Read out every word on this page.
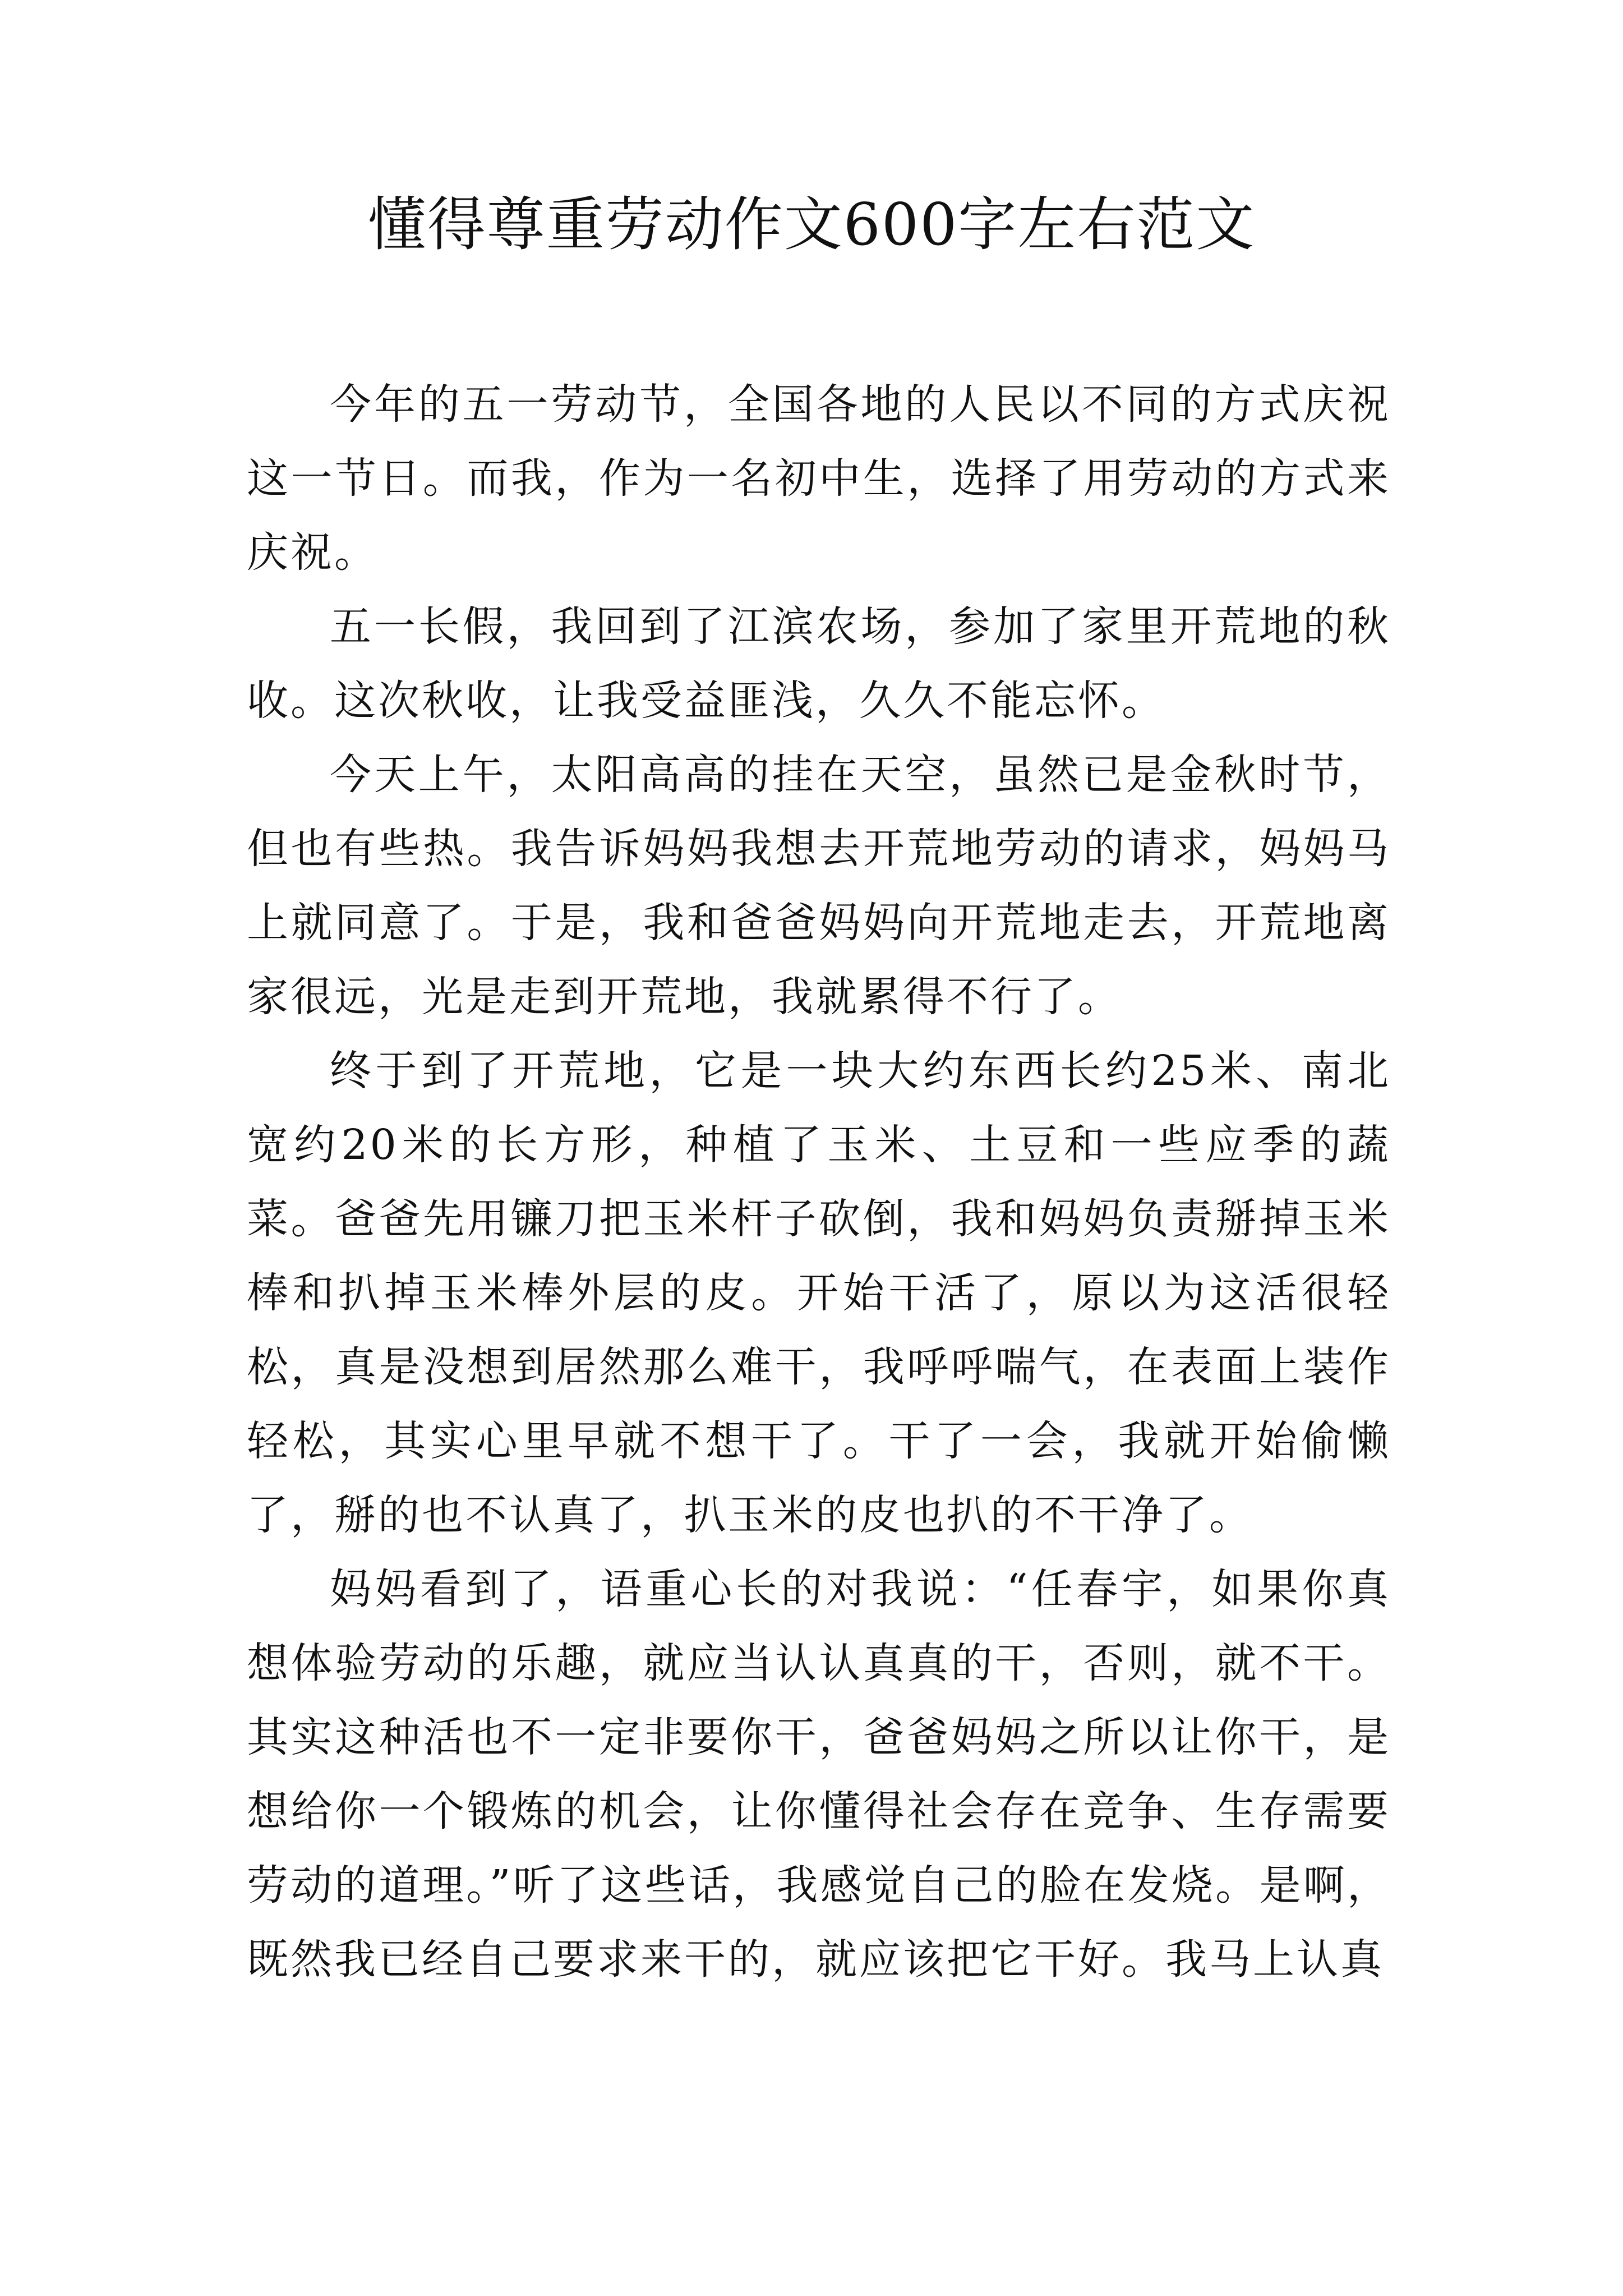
懂得尊重劳动作文600字左右范文

今年的五一劳动节，全国各地的人民以不同的方式庆祝这一节日。而我，作为一名初中生，选择了用劳动的方式来庆祝。

五一长假，我回到了江滨农场，参加了家里开荒地的秋收。这次秋收，让我受益匪浅，久久不能忘怀。

今天上午，太阳高高的挂在天空，虽然已是金秋时节，但也有些热。我告诉妈妈我想去开荒地劳动的请求，妈妈马上就同意了。于是，我和爸爸妈妈向开荒地走去，开荒地离家很远，光是走到开荒地，我就累得不行了。

终于到了开荒地，它是一块大约东西长约25米、南北宽约20米的长方形，种植了玉米、土豆和一些应季的蔬菜。爸爸先用镰刀把玉米杆子砍倒，我和妈妈负责掰掉玉米棒和扒掉玉米棒外层的皮。开始干活了，原以为这活很轻松，真是没想到居然那么难干，我呼呼喘气，在表面上装作轻松，其实心里早就不想干了。干了一会，我就开始偷懒了，掰的也不认真了，扒玉米的皮也扒的不干净了。

妈妈看到了，语重心长的对我说：“任春宇，如果你真想体验劳动的乐趣，就应当认认真真的干，否则，就不干。其实这种活也不一定非要你干，爸爸妈妈之所以让你干，是想给你一个锻炼的机会，让你懂得社会存在竞争、生存需要劳动的道理。”听了这些话，我感觉自己的脸在发烧。是啊，既然我已经自己要求来干的，就应该把它干好。我马上认真
